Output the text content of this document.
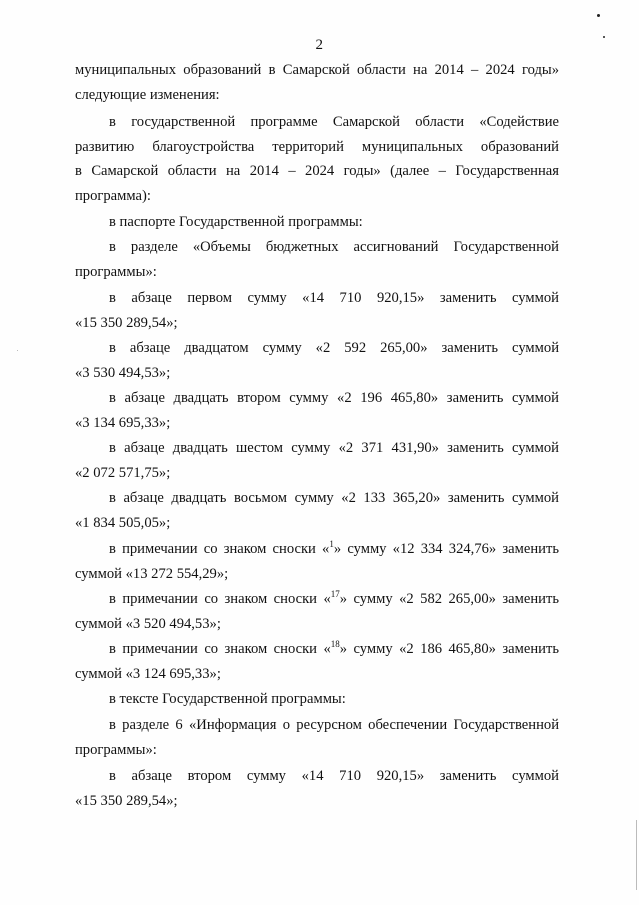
2
муниципальных образований в Самарской области на 2014 – 2024 годы»
следующие изменения:
в государственной программе Самарской области «Содействие
развитию благоустройства территорий муниципальных образований
в Самарской области на 2014 – 2024 годы» (далее – Государственная
программа):
в паспорте Государственной программы:
в разделе «Объемы бюджетных ассигнований Государственной
программы»:
в абзаце первом сумму «14 710 920,15» заменить суммой
«15 350 289,54»;
в абзаце двадцатом сумму «2 592 265,00» заменить суммой
«3 530 494,53»;
в абзаце двадцать втором сумму «2 196 465,80» заменить суммой
«3 134 695,33»;
в абзаце двадцать шестом сумму «2 371 431,90» заменить суммой
«2 072 571,75»;
в абзаце двадцать восьмом сумму «2 133 365,20» заменить суммой
«1 834 505,05»;
в примечании со знаком сноски «$^1$» сумму «12 334 324,76» заменить
суммой «13 272 554,29»;
в примечании со знаком сноски «$^{17}$» сумму «2 582 265,00» заменить
суммой «3 520 494,53»;
в примечании со знаком сноски «$^{18}$» сумму «2 186 465,80» заменить
суммой «3 124 695,33»;
в тексте Государственной программы:
в разделе 6 «Информация о ресурсном обеспечении Государственной
программы»:
в абзаце втором сумму «14 710 920,15» заменить суммой
«15 350 289,54»;
